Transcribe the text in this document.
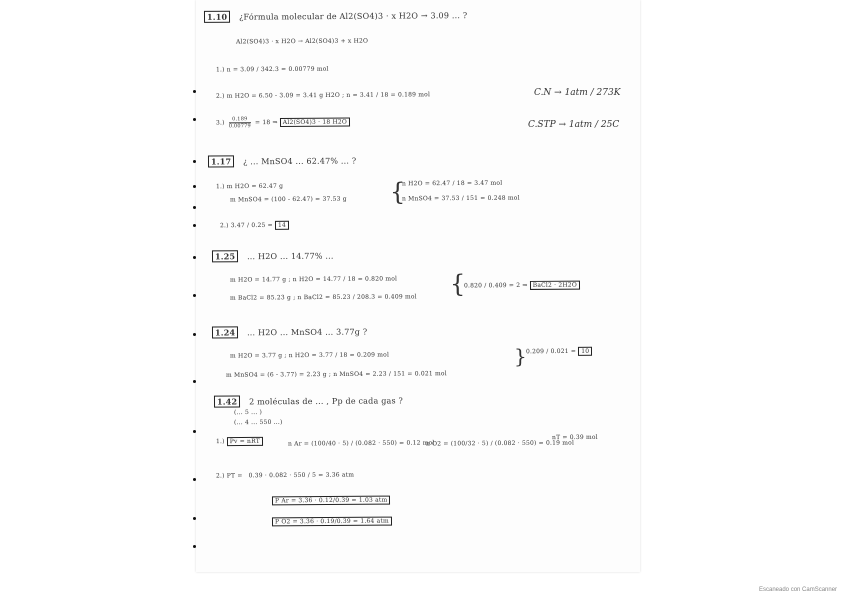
1.10 ¿Fórmula molecular de Al2(SO4)3 · x H2O → 3.09 ... ?
Al2(SO4)3 · x H2O → Al2(SO4)3 + x H2O
1.) n = 3.09 / 342.3 = 0.00779 mol
2.) m H2O = 6.50 - 3.09 = 3.41 g H2O ; n = 3.41 / 18 = 0.189 mol
$3.) \frac{0.189}{0.00779} = 18$ ⇒ Al2(SO4)3 · 18 H2O
C.N → 1atm / 273K
C.STP → 1atm / 25C
1.17 ¿ ... MnSO4 ... 62.47% ... ?
1.) m H2O = 62.47 g
m MnSO4 = (100 - 62.47) = 37.53 g {
n H2O = 62.47 / 18 = 3.47 mol
n MnSO4 = 37.53 / 151 = 0.248 mol
2.) 3.47 / 0.25 = 14
1.25 ... H2O ... 14.77% ...
m H2O = 14.77 g ; n H2O = 14.77 / 18 = 0.820 mol
m BaCl2 = 85.23 g ; n BaCl2 = 85.23 / 208.3 = 0.409 mol {
0.820 / 0.409 = 2 ⇒ BaCl2 · 2H2O
1.24 ... H2O ... MnSO4 ... 3.77g ?
m H2O = 3.77 g ; n H2O = 3.77 / 18 = 0.209 mol
m MnSO4 = (6 - 3.77) = 2.23 g ; n MnSO4 = 2.23 / 151 = 0.021 mol
} 0.209 / 0.021 = 10
1.42 2 moléculas de ... , Pp de cada gas ?
(... 5 ... )
(... 4 ... 550 ...)
1.) Pv = nRT	n Ar = (100/40 · 5) / (0.082 · 550) = 0.12 mol
n O2 = (100/32 · 5) / (0.082 · 550) = 0.19 mol
nT = 0.39 mol
2.) PT = 0.39 · 0.082 · 550 / 5 = 3.36 atm
P Ar = 3.36 · 0.12/0.39 = 1.03 atm
P O2 = 3.36 · 0.19/0.39 = 1.64 atm
Escaneado con CamScanner
